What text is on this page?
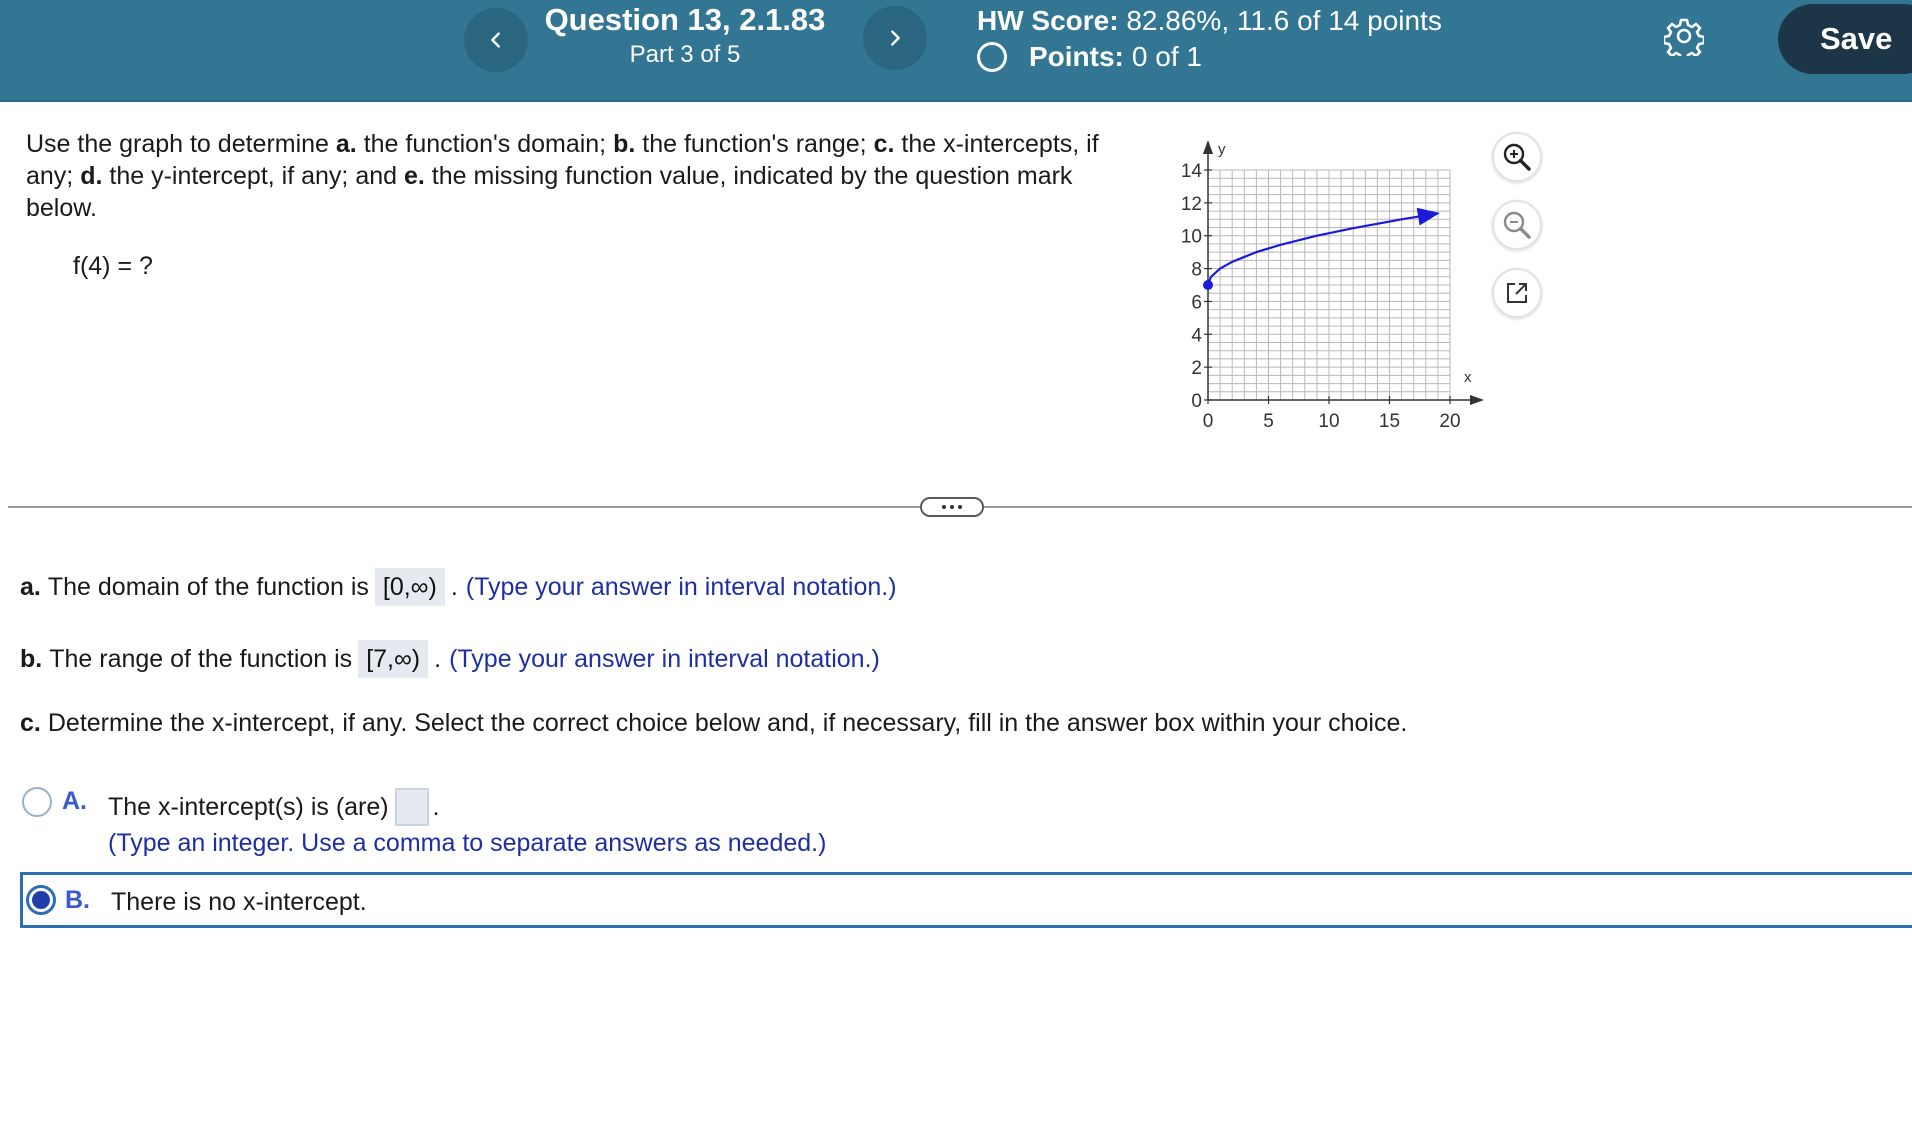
Question 13, 2.1.83
Part 3 of 5
HW Score: 82.86%, 11.6 of 14 points
Points: 0 of 1
Save
Use the graph to determine a. the function's domain; b. the function's range; c. the x-intercepts, if any; d. the y-intercept, if any; and e. the missing function value, indicated by the question mark below.
f(4) = ?
x
y
0	5 10 15 20
0
2
4
6
8
10
12
14
a. The domain of the function is [0,∞) . (Type your answer in interval notation.)
b. The range of the function is [7,∞) . (Type your answer in interval notation.)
c. Determine the x-intercept, if any. Select the correct choice below and, if necessary, fill in the answer box within your choice.
A. The x-intercept(s) is (are) .
(Type an integer. Use a comma to separate answers as needed.)
B. There is no x-intercept.
